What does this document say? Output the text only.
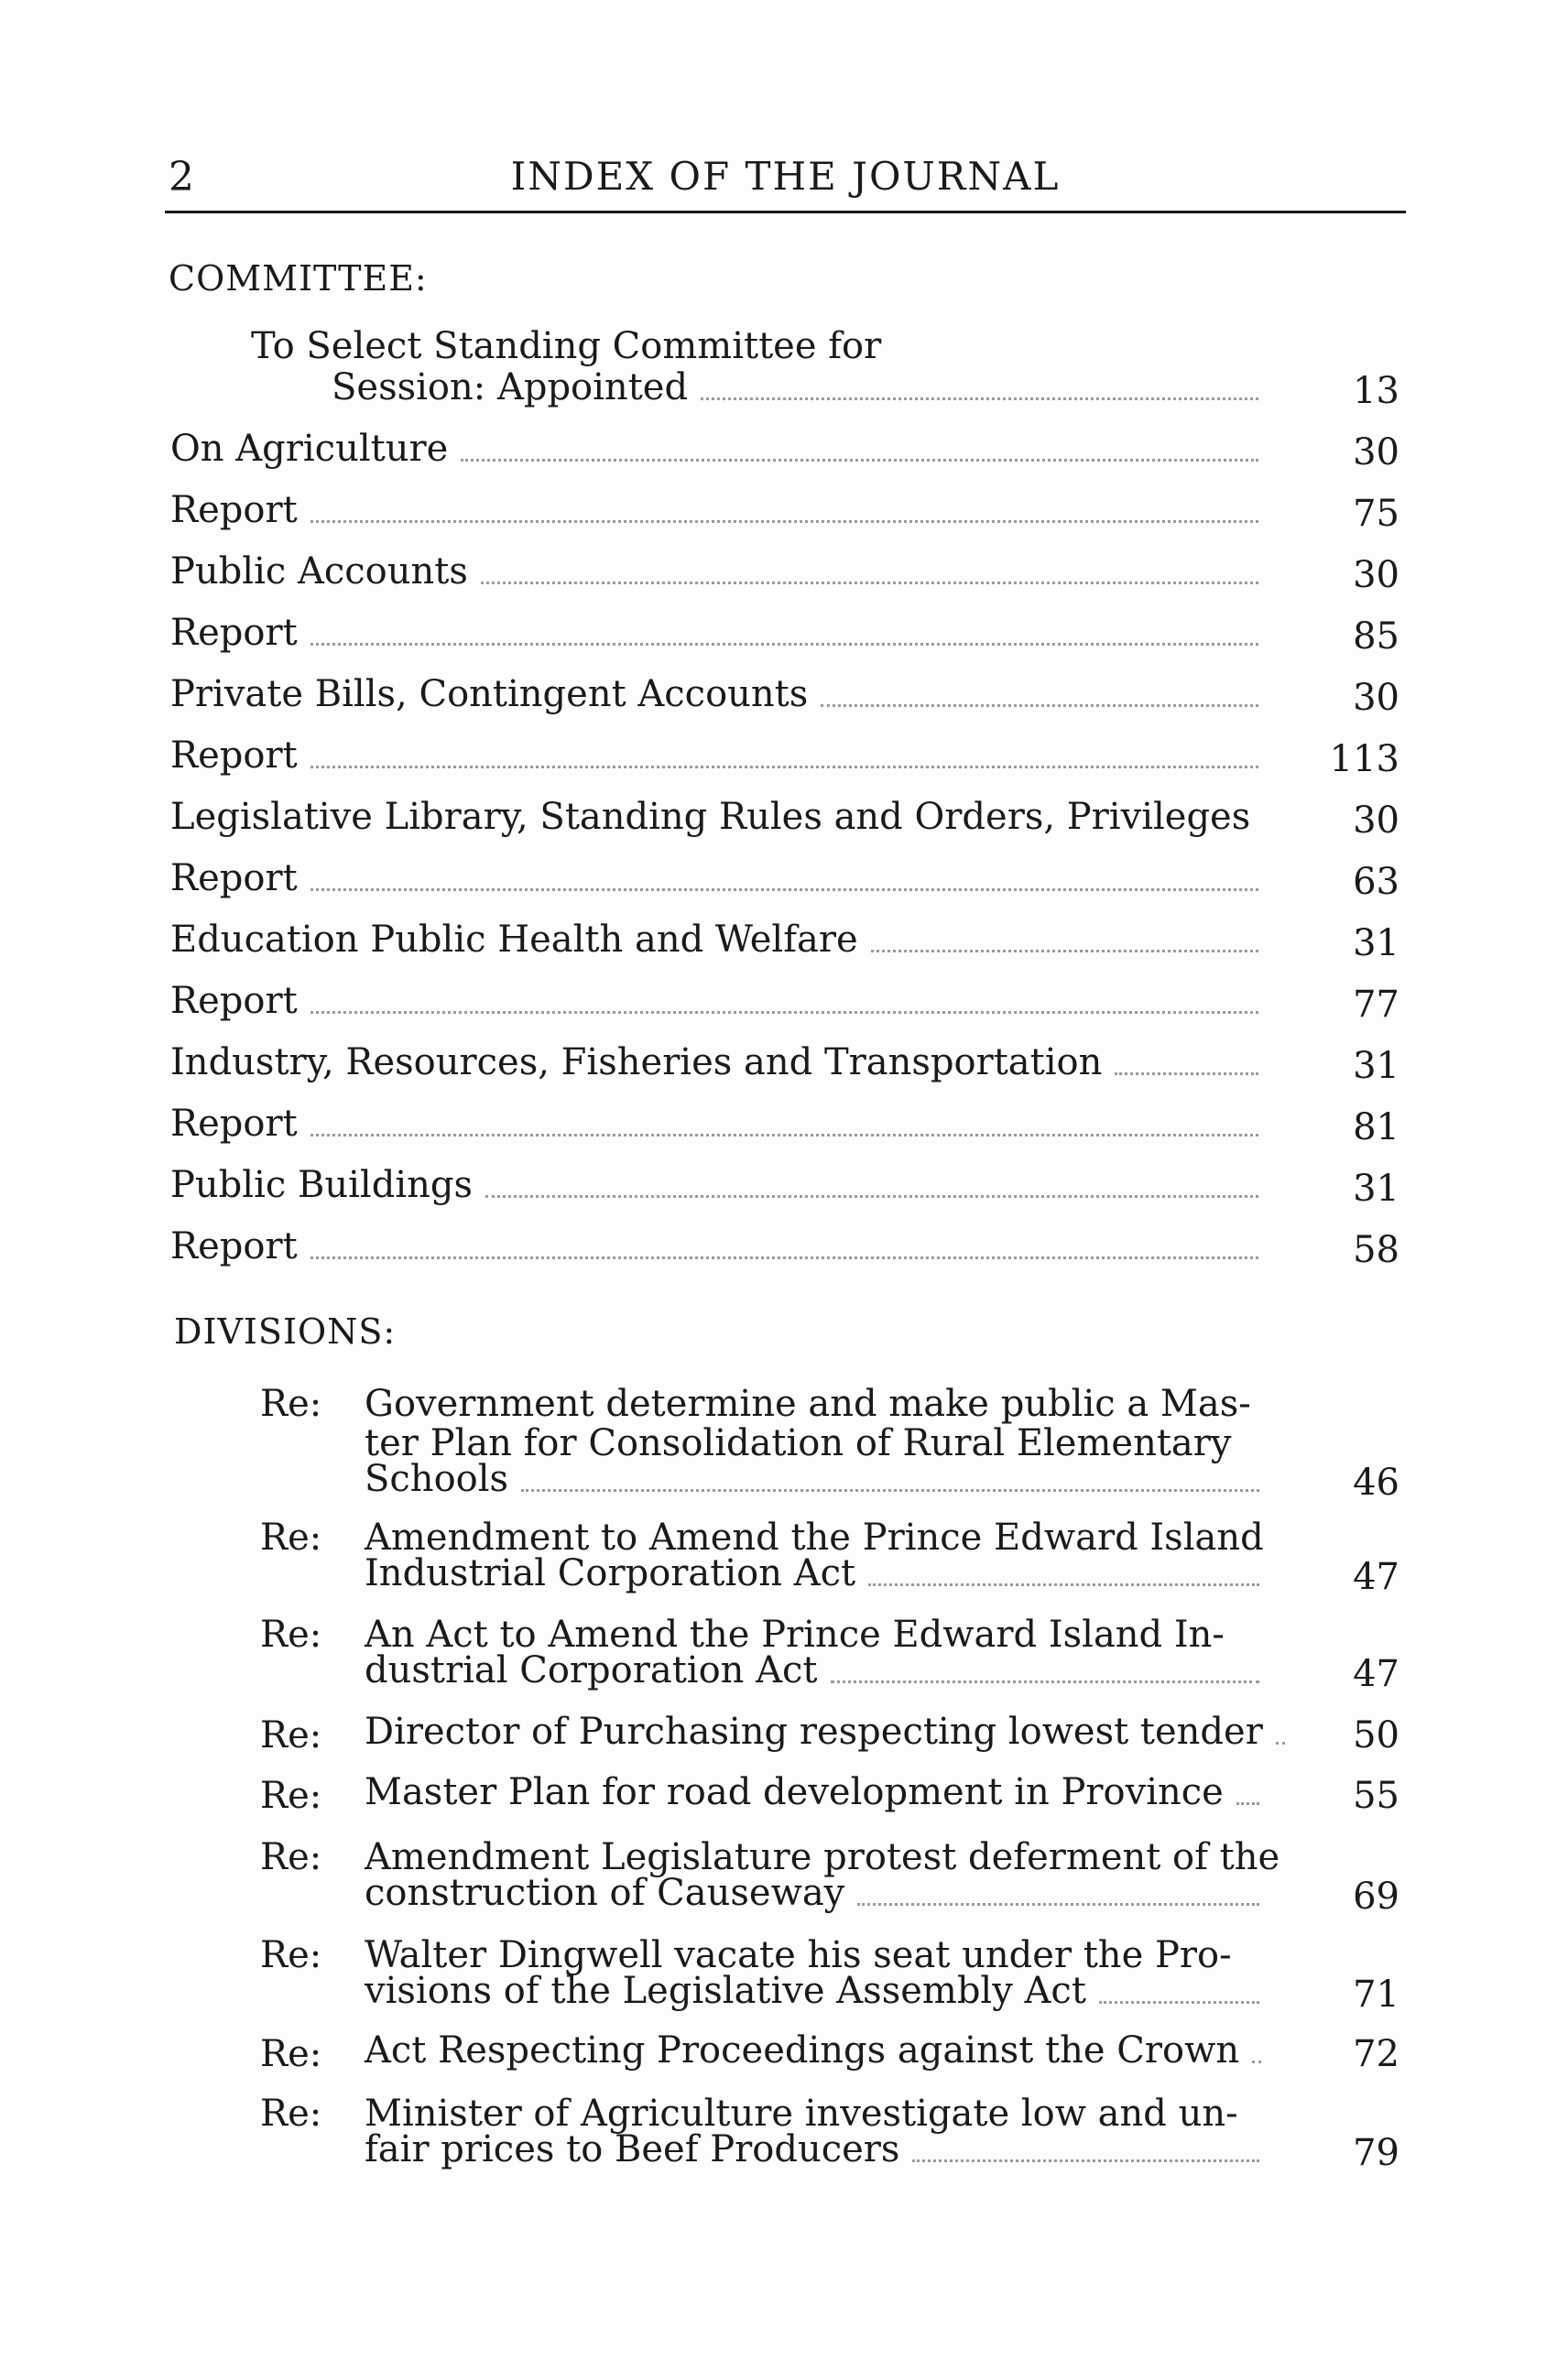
2	INDEX OF THE JOURNAL
COMMITTEE:
To Select Standing Committee for
Session: Appointed	13
On Agriculture	30
Report	75
Public Accounts	30
Report	85
Private Bills, Contingent Accounts	30
Report	113
Legislative Library, Standing Rules and Orders, Privileges	30
Report	63
Education Public Health and Welfare	31
Report	77
Industry, Resources, Fisheries and Transportation	31
Report	81
Public Buildings	31
Report	58
DIVISIONS:
Re: Government determine and make public a Mas-
ter Plan for Consolidation of Rural Elementary
Schools	46
Re: Amendment to Amend the Prince Edward Island
Industrial Corporation Act	47
Re: An Act to Amend the Prince Edward Island In-
dustrial Corporation Act	47
Re: Director of Purchasing respecting lowest tender	50
Re: Master Plan for road development in Province	55
Re: Amendment Legislature protest deferment of the
construction of Causeway	69
Re: Walter Dingwell vacate his seat under the Pro-
visions of the Legislative Assembly Act	71
Re: Act Respecting Proceedings against the Crown	72
Re: Minister of Agriculture investigate low and un-
fair prices to Beef Producers	79
